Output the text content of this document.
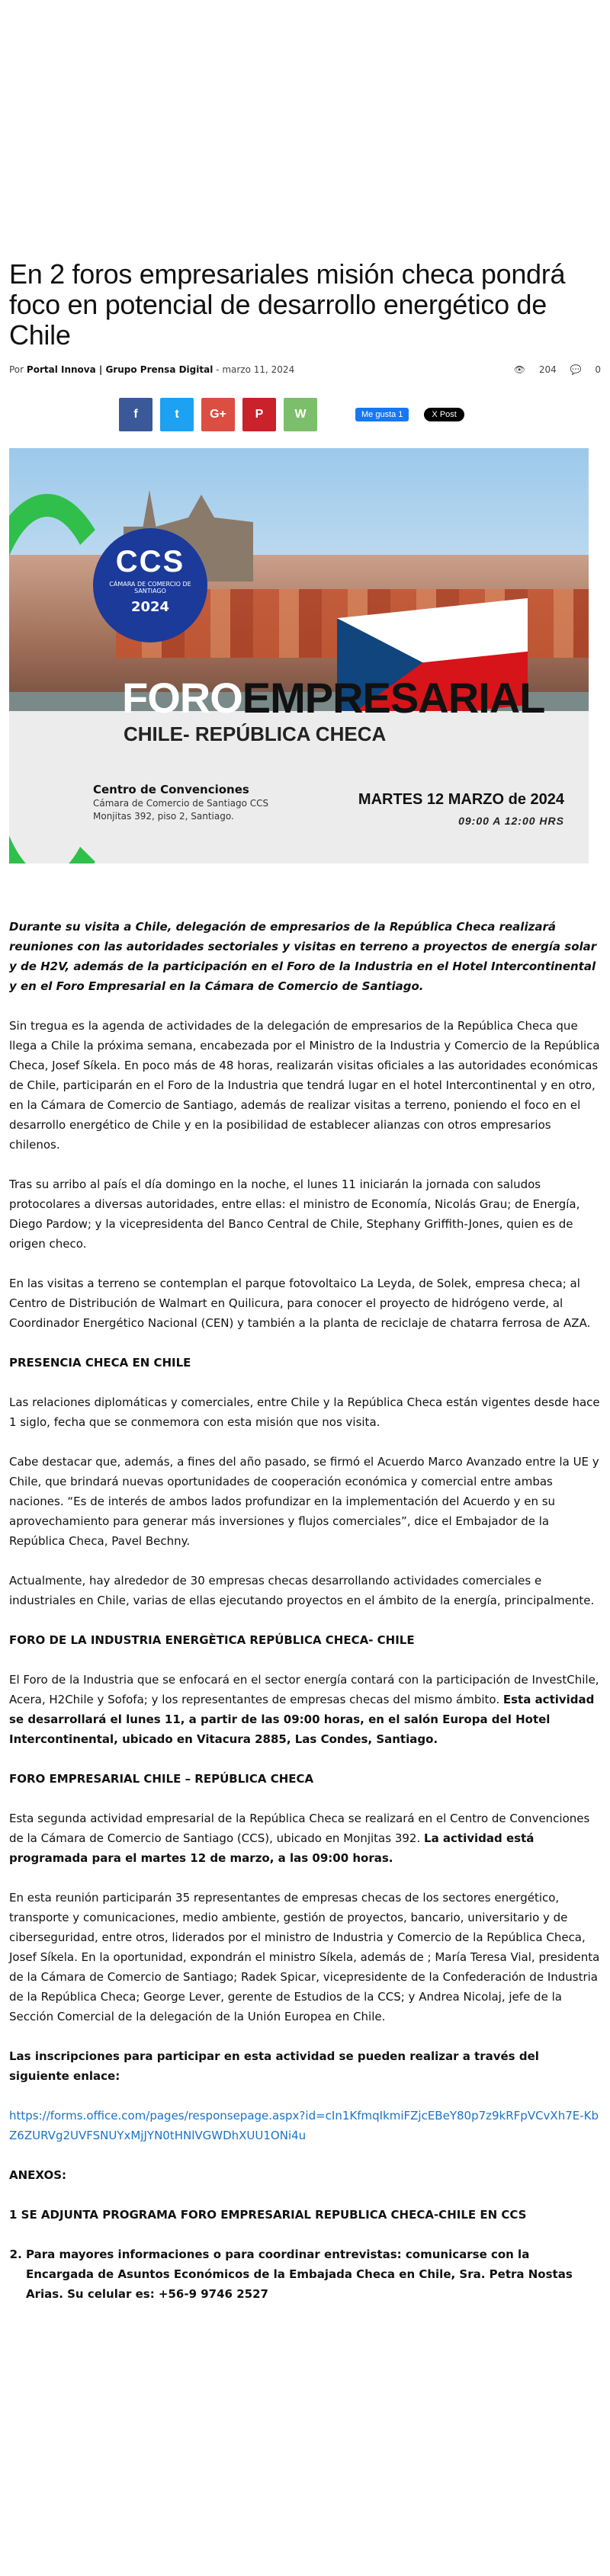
En 2 foros empresariales misión checa pondrá foco en potencial de desarrollo energético de Chile
Por Portal Innova | Grupo Prensa Digital - marzo 11, 2024	👁 204 💬 0
f	t	G+ P	W	Me gusta 1	X Post
CCS
CÁMARA DE COMERCIO DE SANTIAGO
2024
FOROEMPRESARIAL
CHILE- REPÚBLICA CHECA
Centro de Convenciones
Cámara de Comercio de Santiago CCS
Monjitas 392, piso 2, Santiago.
MARTES 12 MARZO de 2024
09:00 A 12:00 HRS

Durante su visita a Chile, delegación de empresarios de la República Checa realizará reuniones con las autoridades sectoriales y visitas en terreno a proyectos de energía solar y de H2V, además de la participación en el Foro de la Industria en el Hotel Intercontinental y en el Foro Empresarial en la Cámara de Comercio de Santiago.

Sin tregua es la agenda de actividades de la delegación de empresarios de la República Checa que llega a Chile la próxima semana, encabezada por el Ministro de la Industria y Comercio de la República Checa, Josef Síkela. En poco más de 48 horas, realizarán visitas oficiales a las autoridades económicas de Chile, participarán en el Foro de la Industria que tendrá lugar en el hotel Intercontinental y en otro, en la Cámara de Comercio de Santiago, además de realizar visitas a terreno, poniendo el foco en el desarrollo energético de Chile y en la posibilidad de establecer alianzas con otros empresarios chilenos.

Tras su arribo al país el día domingo en la noche, el lunes 11 iniciarán la jornada con saludos protocolares a diversas autoridades, entre ellas: el ministro de Economía, Nicolás Grau; de Energía, Diego Pardow; y la vicepresidenta del Banco Central de Chile, Stephany Griffith-Jones, quien es de origen checo.

En las visitas a terreno se contemplan el parque fotovoltaico La Leyda, de Solek, empresa checa; al Centro de Distribución de Walmart en Quilicura, para conocer el proyecto de hidrógeno verde, al Coordinador Energético Nacional (CEN) y también a la planta de reciclaje de chatarra ferrosa de AZA.

PRESENCIA CHECA EN CHILE

Las relaciones diplomáticas y comerciales, entre Chile y la República Checa están vigentes desde hace 1 siglo, fecha que se conmemora con esta misión que nos visita.

Cabe destacar que, además, a fines del año pasado, se firmó el Acuerdo Marco Avanzado entre la UE y Chile, que brindará nuevas oportunidades de cooperación económica y comercial entre ambas naciones. “Es de interés de ambos lados profundizar en la implementación del Acuerdo y en su aprovechamiento para generar más inversiones y flujos comerciales”, dice el Embajador de la República Checa, Pavel Bechny.

Actualmente, hay alrededor de 30 empresas checas desarrollando actividades comerciales e industriales en Chile, varias de ellas ejecutando proyectos en el ámbito de la energía, principalmente.

FORO DE LA INDUSTRIA ENERGÈTICA REPÚBLICA CHECA- CHILE

El Foro de la Industria que se enfocará en el sector energía contará con la participación de InvestChile, Acera, H2Chile y Sofofa; y los representantes de empresas checas del mismo ámbito. Esta actividad se desarrollará el lunes 11, a partir de las 09:00 horas, en el salón Europa del Hotel Intercontinental, ubicado en Vitacura 2885, Las Condes, Santiago.

FORO EMPRESARIAL CHILE – REPÚBLICA CHECA

Esta segunda actividad empresarial de la República Checa se realizará en el Centro de Convenciones de la Cámara de Comercio de Santiago (CCS), ubicado en Monjitas 392. La actividad está programada para el martes 12 de marzo, a las 09:00 horas.

En esta reunión participarán 35 representantes de empresas checas de los sectores energético, transporte y comunicaciones, medio ambiente, gestión de proyectos, bancario, universitario y de ciberseguridad, entre otros, liderados por el ministro de Industria y Comercio de la República Checa, Josef Síkela. En la oportunidad, expondrán el ministro Síkela, además de ; María Teresa Vial, presidenta de la Cámara de Comercio de Santiago; Radek Spicar, vicepresidente de la Confederación de Industria de la República Checa; George Lever, gerente de Estudios de la CCS; y Andrea Nicolaj, jefe de la Sección Comercial de la delegación de la Unión Europea en Chile.

Las inscripciones para participar en esta actividad se pueden realizar a través del siguiente enlace:

https://forms.office.com/pages/responsepage.aspx?id=cIn1KfmqIkmiFZjcEBeY80p7z9kRFpVCvXh7E-KbZ6ZURVg2UVFSNUYxMjJYN0tHNlVGWDhXUU1ONi4u

ANEXOS:

1 SE ADJUNTA PROGRAMA FORO EMPRESARIAL REPUBLICA CHECA-CHILE EN CCS

2. Para mayores informaciones o para coordinar entrevistas: comunicarse con la Encargada de Asuntos Económicos de la Embajada Checa en Chile, Sra. Petra Nostas Arias. Su celular es: +56-9 9746 2527
